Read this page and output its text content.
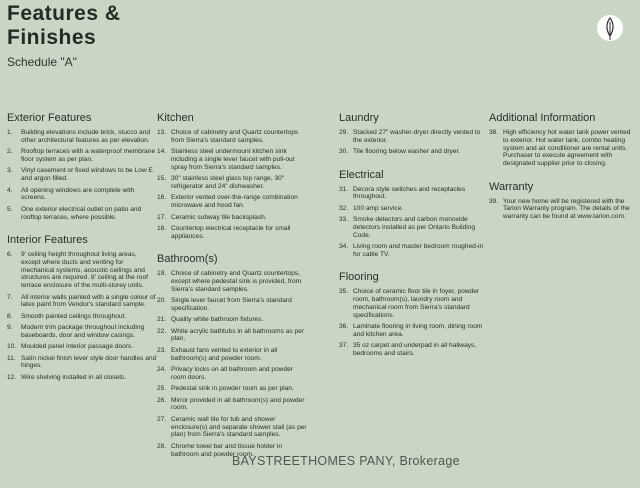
Features &
Finishes
Schedule "A"
Exterior Features
1.	Building elevations include brick, stucco and other architectural features as per elevation.
2.	Rooftop terraces with a waterproof membrane floor system as per plan.
3.	Vinyl casement or fixed windows to be Low E and argon filled.
4.	All opening windows are complete with screens.
5.	One exterior electrical outlet on patio and rooftop terraces, where possible.
Interior Features
6.	9' ceiling height throughout living areas, except where ducts and venting for mechanical systems, acoustic ceilings and structures are required. 8' ceiling at the roof terrace enclosure of the multi-storey units.
7.	All interior walls painted with a single colour of latex paint from Vendor's standard sample.
8.	Smooth painted ceilings throughout.
9.	Modern trim package throughout including baseboards, door and window casings.
10. Moulded panel interior passage doors.
11. Satin nickel finish lever style door handles and hinges.
12. Wire shelving installed in all closets.
Kitchen
13. Choice of cabinetry and Quartz countertops from Sierra's standard samples.
14. Stainless steel undermount kitchen sink including a single lever faucet with pull-out spray from Sierra's standard samples.
15. 30" stainless steel glass top range, 30" refrigerator and 24" dishwasher.
16. Exterior vented over-the-range combination microwave and hood fan.
17. Ceramic subway tile backsplash.
18. Countertop electrical receptacle for small appliances.
Bathroom(s)
19. Choice of cabinetry and Quartz countertops, except where pedestal sink is provided, from Sierra's standard samples.
20. Single lever faucet from Sierra's standard specification.
21. Quality white bathroom fixtures.
22. White acrylic bathtubs in all bathrooms as per plan.
23. Exhaust fans vented to exterior in all bathroom(s) and powder room.
24. Privacy locks on all bathroom and powder room doors.
25. Pedestal sink in powder room as per plan.
26. Mirror provided in all bathroom(s) and powder room.
27. Ceramic wall tile for tub and shower enclosure(s) and separate shower stall (as per plan) from Sierra's standard samples.
28. Chrome towel bar and tissue holder in bathroom and powder room.
Laundry
29. Stacked 27" washer-dryer directly vented to the exterior.
30. Tile flooring below washer and dryer.
Electrical
31. Decora style switches and receptacles throughout.
32. 100 amp service.
33. Smoke detectors and carbon monoxide detectors installed as per Ontario Building Code.
34. Living room and master bedroom roughed-in for cable TV.
Flooring
35. Choice of ceramic floor tile in foyer, powder room, bathroom(s), laundry room and mechanical room from Sierra's standard specifications.
36. Laminate flooring in living room, dining room and kitchen area.
37. 35 oz carpet and underpad in all hallways, bedrooms and stairs.
Additional Information
38. High efficiency hot water tank power vented to exterior. Hot water tank, combo heating system and air conditioner are rental units. Purchaser to execute agreement with designated supplier prior to closing.
Warranty
39. Your new home will be registered with the Tarion Warranty program. The details of the warranty can be found at www.tarion.com.
BAYSTREETHOMES PANY, Brokerage
